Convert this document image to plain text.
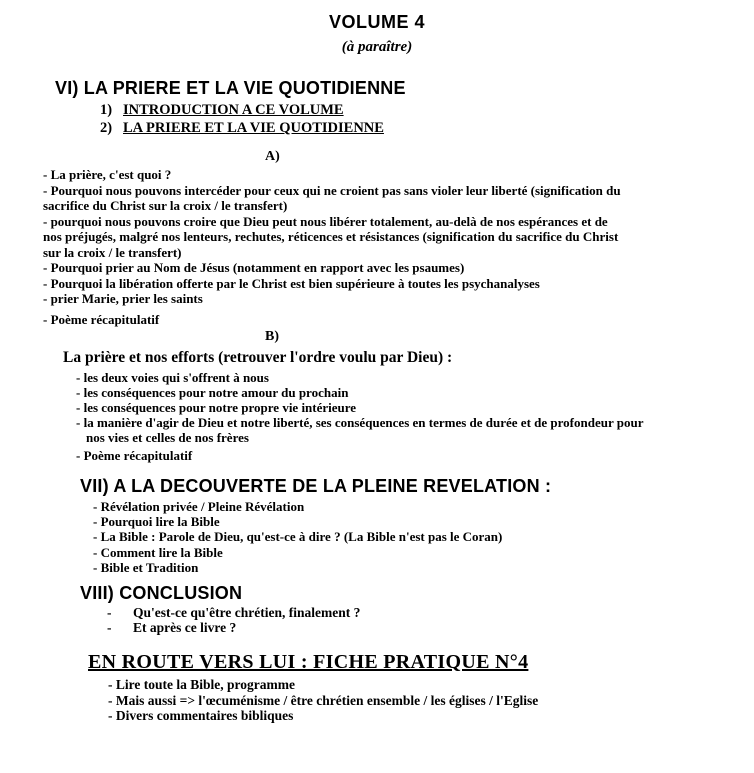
VOLUME 4
(à paraître)
VI) LA PRIERE ET LA VIE QUOTIDIENNE
1) INTRODUCTION A CE VOLUME
2) LA PRIERE ET LA VIE QUOTIDIENNE
A)
- La prière, c'est quoi ?
- Pourquoi nous pouvons intercéder pour ceux qui ne croient pas sans violer leur liberté (signification du
sacrifice du Christ sur la croix / le transfert)
- pourquoi nous pouvons croire que Dieu peut nous libérer totalement, au-delà de nos espérances et de
nos préjugés, malgré nos lenteurs, rechutes, réticences et résistances (signification du sacrifice du Christ
sur la croix / le transfert)
- Pourquoi prier au Nom de Jésus (notamment en rapport avec les psaumes)
- Pourquoi la libération offerte par le Christ est bien supérieure à toutes les psychanalyses
- prier Marie, prier les saints
- Poème récapitulatif
B)
La prière et nos efforts (retrouver l'ordre voulu par Dieu) :
- les deux voies qui s'offrent à nous
- les conséquences pour notre amour du prochain
- les conséquences pour notre propre vie intérieure
- la manière d'agir de Dieu et notre liberté, ses conséquences en termes de durée et de profondeur pour
nos vies et celles de nos frères
- Poème récapitulatif
VII) A LA DECOUVERTE DE LA PLEINE REVELATION :
- Révélation privée / Pleine Révélation
- Pourquoi lire la Bible
- La Bible : Parole de Dieu, qu'est-ce à dire ? (La Bible n'est pas le Coran)
- Comment lire la Bible
- Bible et Tradition
VIII) CONCLUSION
- Qu'est-ce qu'être chrétien, finalement ?
- Et après ce livre ?
EN ROUTE VERS LUI : FICHE PRATIQUE N°4
- Lire toute la Bible, programme
- Mais aussi => l'œcuménisme / être chrétien ensemble / les églises / l'Eglise
- Divers commentaires bibliques
